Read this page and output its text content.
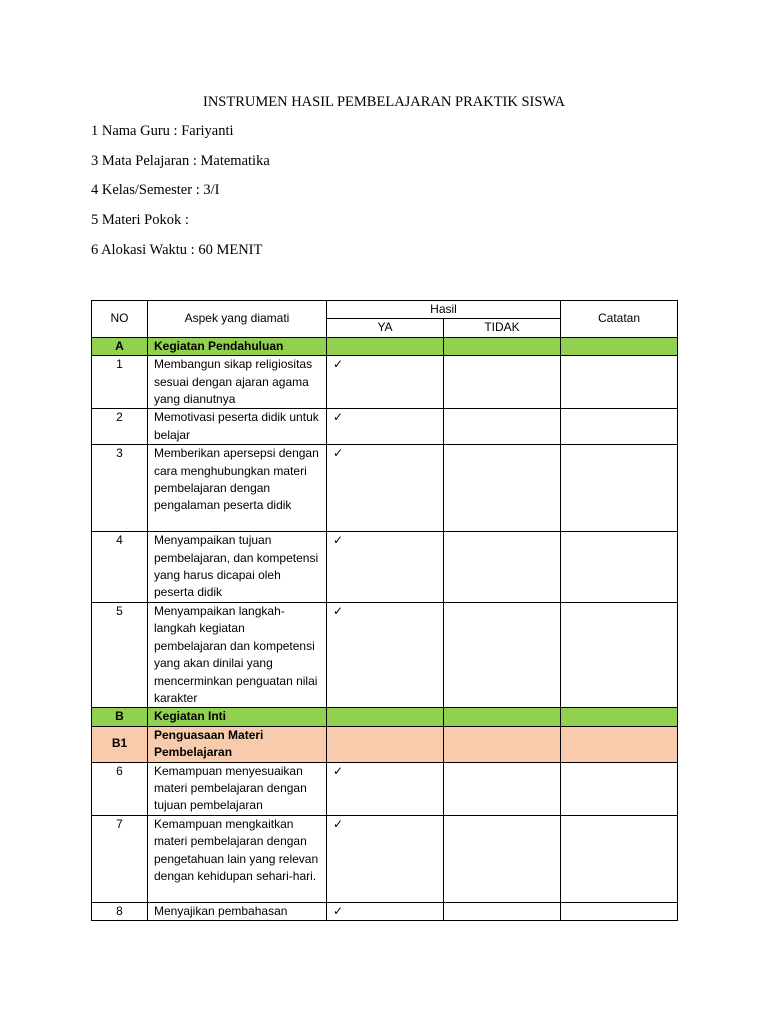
INSTRUMEN HASIL PEMBELAJARAN PRAKTIK SISWA
1 Nama Guru : Fariyanti
3 Mata Pelajaran : Matematika
4 Kelas/Semester : 3/I
5 Materi Pokok :
6 Alokasi Waktu : 60 MENIT
NO	Aspek yang diamati	Hasil		Catatan
		YA	TIDAK	
A	Kegiatan Pendahuluan			
1	Membangun sikap religiositas sesuai dengan ajaran agama yang dianutnya	✓		
2	Memotivasi peserta didik untuk belajar	✓		
3	Memberikan apersepsi dengan cara menghubungkan materi pembelajaran dengan pengalaman peserta didik	✓		
4	Menyampaikan tujuan pembelajaran, dan kompetensi yang harus dicapai oleh peserta didik	✓		
5	Menyampaikan langkah-langkah kegiatan pembelajaran dan kompetensi yang akan dinilai yang mencerminkan penguatan nilai karakter	✓		
B	Kegiatan Inti			
B1	Penguasaan Materi Pembelajaran			
6	Kemampuan menyesuaikan materi pembelajaran dengan tujuan pembelajaran	✓		
7	Kemampuan mengkaitkan materi pembelajaran dengan pengetahuan lain yang relevan dengan kehidupan sehari-hari.	✓		
8	Menyajikan pembahasan	✓		
